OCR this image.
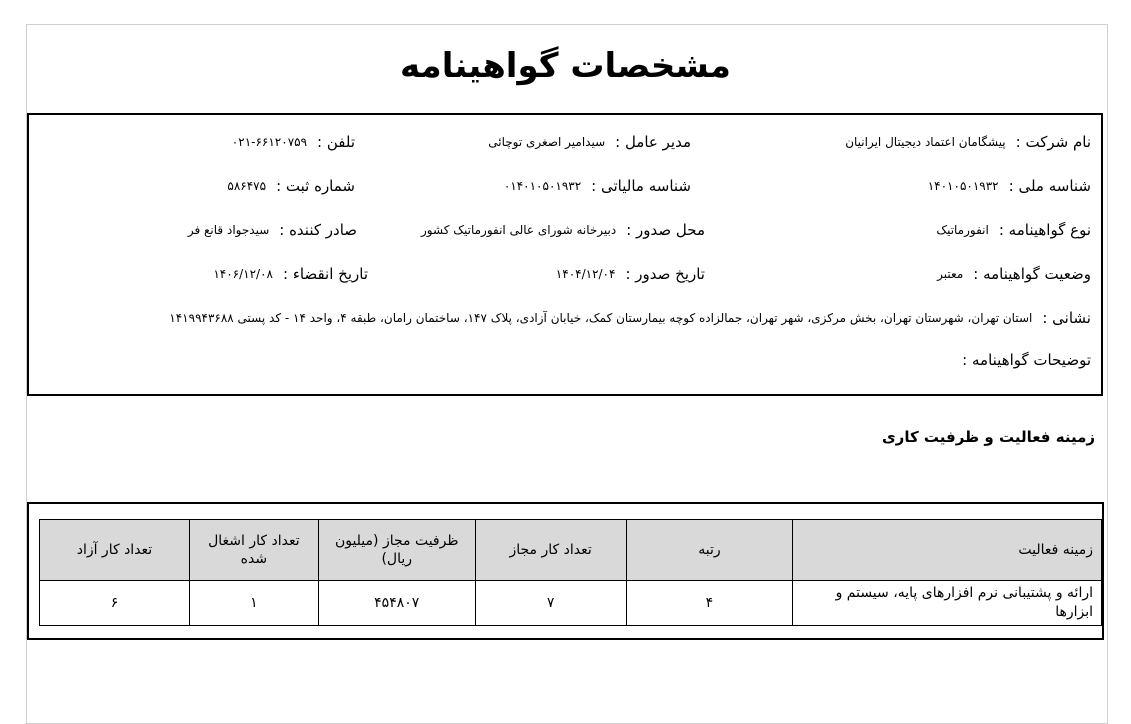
مشخصات گواهینامه
نام شرکت :
پیشگامان اعتماد دیجیتال ایرانیان
مدیر عامل :
سیدامیر اصغری توچائی
تلفن :
۰۲۱-۶۶۱۲۰۷۵۹
شناسه ملی :
۱۴۰۱۰۵۰۱۹۳۲
شناسه مالیاتی :
۰۱۴۰۱۰۵۰۱۹۳۲
شماره ثبت :
۵۸۶۴۷۵
نوع گواهینامه :
انفورماتیک
محل صدور :
دبیرخانه شورای عالی انفورماتیک کشور
صادر کننده :
سیدجواد قانع فر
وضعیت گواهینامه :
معتبر
تاریخ صدور :
۱۴۰۴/۱۲/۰۴
تاریخ انقضاء :
۱۴۰۶/۱۲/۰۸
نشانی :
استان تهران، شهرستان تهران، بخش مرکزی، شهر تهران، جمالزاده کوچه بیمارستان کمک، خیابان آزادی، پلاک ۱۴۷، ساختمان رامان، طبقه ۴، واحد ۱۴ - کد پستی ۱۴۱۹۹۴۳۶۸۸
توضیحات گواهینامه :
زمینه فعالیت و ظرفیت کاری
زمینه فعالیت	رتبه	تعداد کار مجاز	ظرفیت مجاز (میلیون ریال)	تعداد کار اشغال شده	تعداد کار آزاد
ارائه و پشتیبانی نرم افزارهای پایه، سیستم و ابزارها	۴	۷	۴۵۴۸۰۷	۱	۶
